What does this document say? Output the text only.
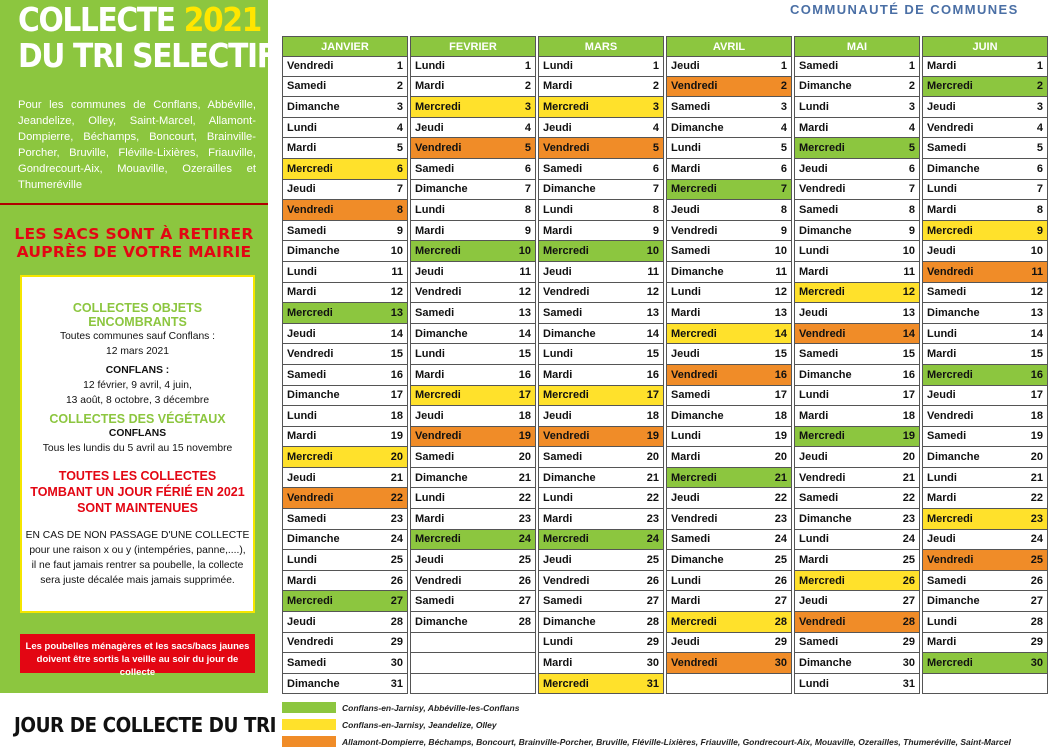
COLLECTE 2021
DU TRI SELECTIF
Pour les communes de Conflans, Abbéville, Jeandelize, Olley, Saint-Marcel, Allamont-Dompierre, Béchamps, Boncourt, Brainville-Porcher, Bruville, Fléville-Lixières, Friauville, Gondrecourt-Aix, Mouaville, Ozerailles et Thumeréville
LES SACS SONT À RETIRER AUPRÈS DE VOTRE MAIRIE
COLLECTES OBJETS ENCOMBRANTS
Toutes communes sauf Conflans :
12 mars 2021
CONFLANS :
12 février, 9 avril, 4 juin,
13 août, 8 octobre, 3 décembre
COLLECTES DES VÉGÉTAUX
CONFLANS
Tous les lundis du 5 avril au 15 novembre
TOUTES LES COLLECTES
TOMBANT UN JOUR FÉRIÉ EN 2021
SONT MAINTENUES
EN CAS DE NON PASSAGE D'UNE COLLECTE
pour une raison x ou y (intempéries, panne,....),
il ne faut jamais rentrer sa poubelle, la collecte
sera juste décalée mais jamais supprimée.
Les poubelles ménagères et les sacs/bacs jaunes doivent être sortis la veille au soir du jour de collecte
JOUR DE COLLECTE DU TRI
COMMUNAUTÉ DE COMMUNES
JANVIER
Vendredi	1
Samedi	2
Dimanche	3
Lundi	4
Mardi	5
Mercredi	6
Jeudi	7
Vendredi	8
Samedi	9
Dimanche	10
Lundi	11
Mardi	12
Mercredi	13
Jeudi	14
Vendredi	15
Samedi	16
Dimanche	17
Lundi	18
Mardi	19
Mercredi	20
Jeudi	21
Vendredi	22
Samedi	23
Dimanche	24
Lundi	25
Mardi	26
Mercredi	27
Jeudi	28
Vendredi	29
Samedi	30
Dimanche	31
FEVRIER
Lundi	1
Mardi	2
Mercredi	3
Jeudi	4
Vendredi	5
Samedi	6
Dimanche	7
Lundi	8
Mardi	9
Mercredi	10
Jeudi	11
Vendredi	12
Samedi	13
Dimanche	14
Lundi	15
Mardi	16
Mercredi	17
Jeudi	18
Vendredi	19
Samedi	20
Dimanche	21
Lundi	22
Mardi	23
Mercredi	24
Jeudi	25
Vendredi	26
Samedi	27
Dimanche	28
MARS
Lundi	1
Mardi	2
Mercredi	3
Jeudi	4
Vendredi	5
Samedi	6
Dimanche	7
Lundi	8
Mardi	9
Mercredi	10
Jeudi	11
Vendredi	12
Samedi	13
Dimanche	14
Lundi	15
Mardi	16
Mercredi	17
Jeudi	18
Vendredi	19
Samedi	20
Dimanche	21
Lundi	22
Mardi	23
Mercredi	24
Jeudi	25
Vendredi	26
Samedi	27
Dimanche	28
Lundi	29
Mardi	30
Mercredi	31
AVRIL
Jeudi	1
Vendredi	2
Samedi	3
Dimanche	4
Lundi	5
Mardi	6
Mercredi	7
Jeudi	8
Vendredi	9
Samedi	10
Dimanche	11
Lundi	12
Mardi	13
Mercredi	14
Jeudi	15
Vendredi	16
Samedi	17
Dimanche	18
Lundi	19
Mardi	20
Mercredi	21
Jeudi	22
Vendredi	23
Samedi	24
Dimanche	25
Lundi	26
Mardi	27
Mercredi	28
Jeudi	29
Vendredi	30
MAI
Samedi	1
Dimanche	2
Lundi	3
Mardi	4
Mercredi	5
Jeudi	6
Vendredi	7
Samedi	8
Dimanche	9
Lundi	10
Mardi	11
Mercredi	12
Jeudi	13
Vendredi	14
Samedi	15
Dimanche	16
Lundi	17
Mardi	18
Mercredi	19
Jeudi	20
Vendredi	21
Samedi	22
Dimanche	23
Lundi	24
Mardi	25
Mercredi	26
Jeudi	27
Vendredi	28
Samedi	29
Dimanche	30
Lundi	31
JUIN
Mardi	1
Mercredi	2
Jeudi	3
Vendredi	4
Samedi	5
Dimanche	6
Lundi	7
Mardi	8
Mercredi	9
Jeudi	10
Vendredi	11
Samedi	12
Dimanche	13
Lundi	14
Mardi	15
Mercredi	16
Jeudi	17
Vendredi	18
Samedi	19
Dimanche	20
Lundi	21
Mardi	22
Mercredi	23
Jeudi	24
Vendredi	25
Samedi	26
Dimanche	27
Lundi	28
Mardi	29
Mercredi	30
Conflans-en-Jarnisy, Abbéville-les-Conflans
Conflans-en-Jarnisy, Jeandelize, Olley
Allamont-Dompierre, Béchamps, Boncourt, Brainville-Porcher, Bruville, Fléville-Lixières, Friauville, Gondrecourt-Aix, Mouaville, Ozerailles, Thumeréville, Saint-Marcel
